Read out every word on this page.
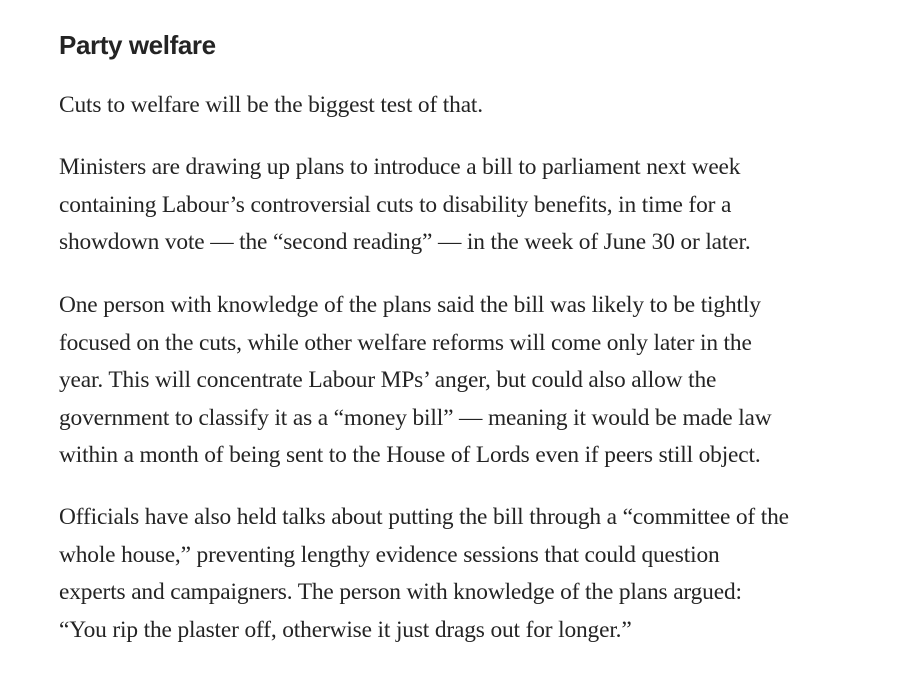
Party welfare

Cuts to welfare will be the biggest test of that.

Ministers are drawing up plans to introduce a bill to parliament next week
containing Labour’s controversial cuts to disability benefits, in time for a
showdown vote — the “second reading” — in the week of June 30 or later.

One person with knowledge of the plans said the bill was likely to be tightly
focused on the cuts, while other welfare reforms will come only later in the
year. This will concentrate Labour MPs’ anger, but could also allow the
government to classify it as a “money bill” — meaning it would be made law
within a month of being sent to the House of Lords even if peers still object.

Officials have also held talks about putting the bill through a “committee of the
whole house,” preventing lengthy evidence sessions that could question
experts and campaigners. The person with knowledge of the plans argued:
“You rip the plaster off, otherwise it just drags out for longer.”
